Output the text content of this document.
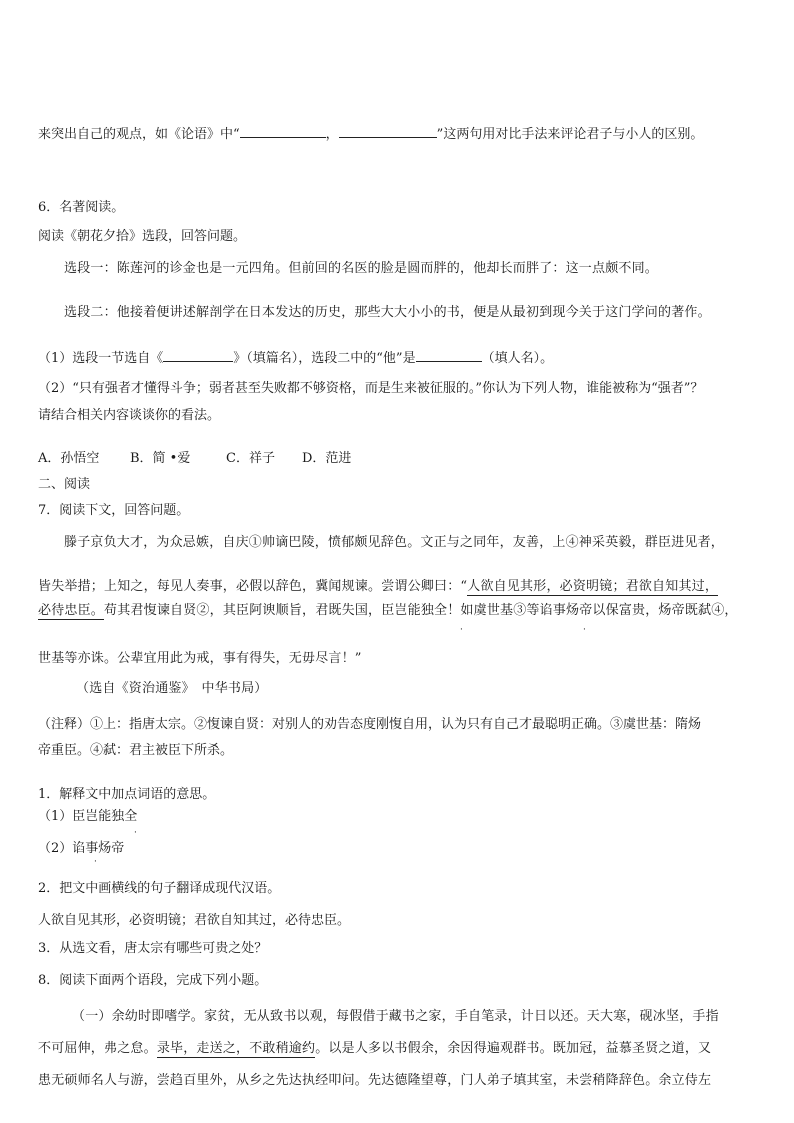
来突出自己的观点，如《论语》中“	，	”这两句用对比手法来评论君子与小人的区别。
6．名著阅读。
阅读《朝花夕拾》选段，回答问题。
选段一：陈莲河的诊金也是一元四角。但前回的名医的脸是圆而胖的，他却长而胖了：这一点颇不同。
选段二：他接着便讲述解剖学在日本发达的历史，那些大大小小的书，便是从最初到现今关于这门学问的著作。
（1）选段一节选自《	》（填篇名），选段二中的“他”是	（填人名）。
（2）“只有强者才懂得斗争；弱者甚至失败都不够资格，而是生来被征服的。”你认为下列人物，谁能被称为“强者”？
请结合相关内容谈谈你的看法。
A．孙悟空 B．简 •爱	C．祥子 D．范进
二、阅读
7．阅读下文，回答问题。
滕子京负大才，为众忌嫉，自庆①帅谪巴陵，愤郁颇见辞色。文正与之同年，友善，上④神采英毅，群臣进见者，
皆失举措；上知之，每见人奏事，必假以辞色，冀闻规谏。尝谓公卿曰：“人欲自见其形，必资明镜；君欲自知其过，
必待忠臣。苟其君愎谏自贤②，其臣阿谀顺旨，君既失国，臣岂能独全！如虞世基③等谄事炀帝以保富贵，炀帝既弑④，
·	·
世基等亦诛。公辈宜用此为戒，事有得失，无毋尽言！”
（选自《资治通鉴》　中华书局）
（注释）①上：指唐太宗。②愎谏自贤：对别人的劝告态度刚愎自用，认为只有自己才最聪明正确。③虞世基：隋炀
帝重臣。④弑：君主被臣下所杀。
1．解释文中加点词语的意思。
（1）臣岂能独全
·
（2）谄事炀帝
·
2．把文中画横线的句子翻译成现代汉语。
人欲自见其形，必资明镜；君欲自知其过，必待忠臣。
3．从选文看，唐太宗有哪些可贵之处？
8．阅读下面两个语段，完成下列小题。
（一）余幼时即嗜学。家贫，无从致书以观，每假借于藏书之家，手自笔录，计日以还。天大寒，砚冰坚，手指
不可屈伸，弗之怠。录毕，走送之，不敢稍逾约。以是人多以书假余，余因得遍观群书。既加冠，益慕圣贤之道，又
患无硕师名人与游，尝趋百里外，从乡之先达执经叩问。先达德隆望尊，门人弟子填其室，未尝稍降辞色。余立侍左
